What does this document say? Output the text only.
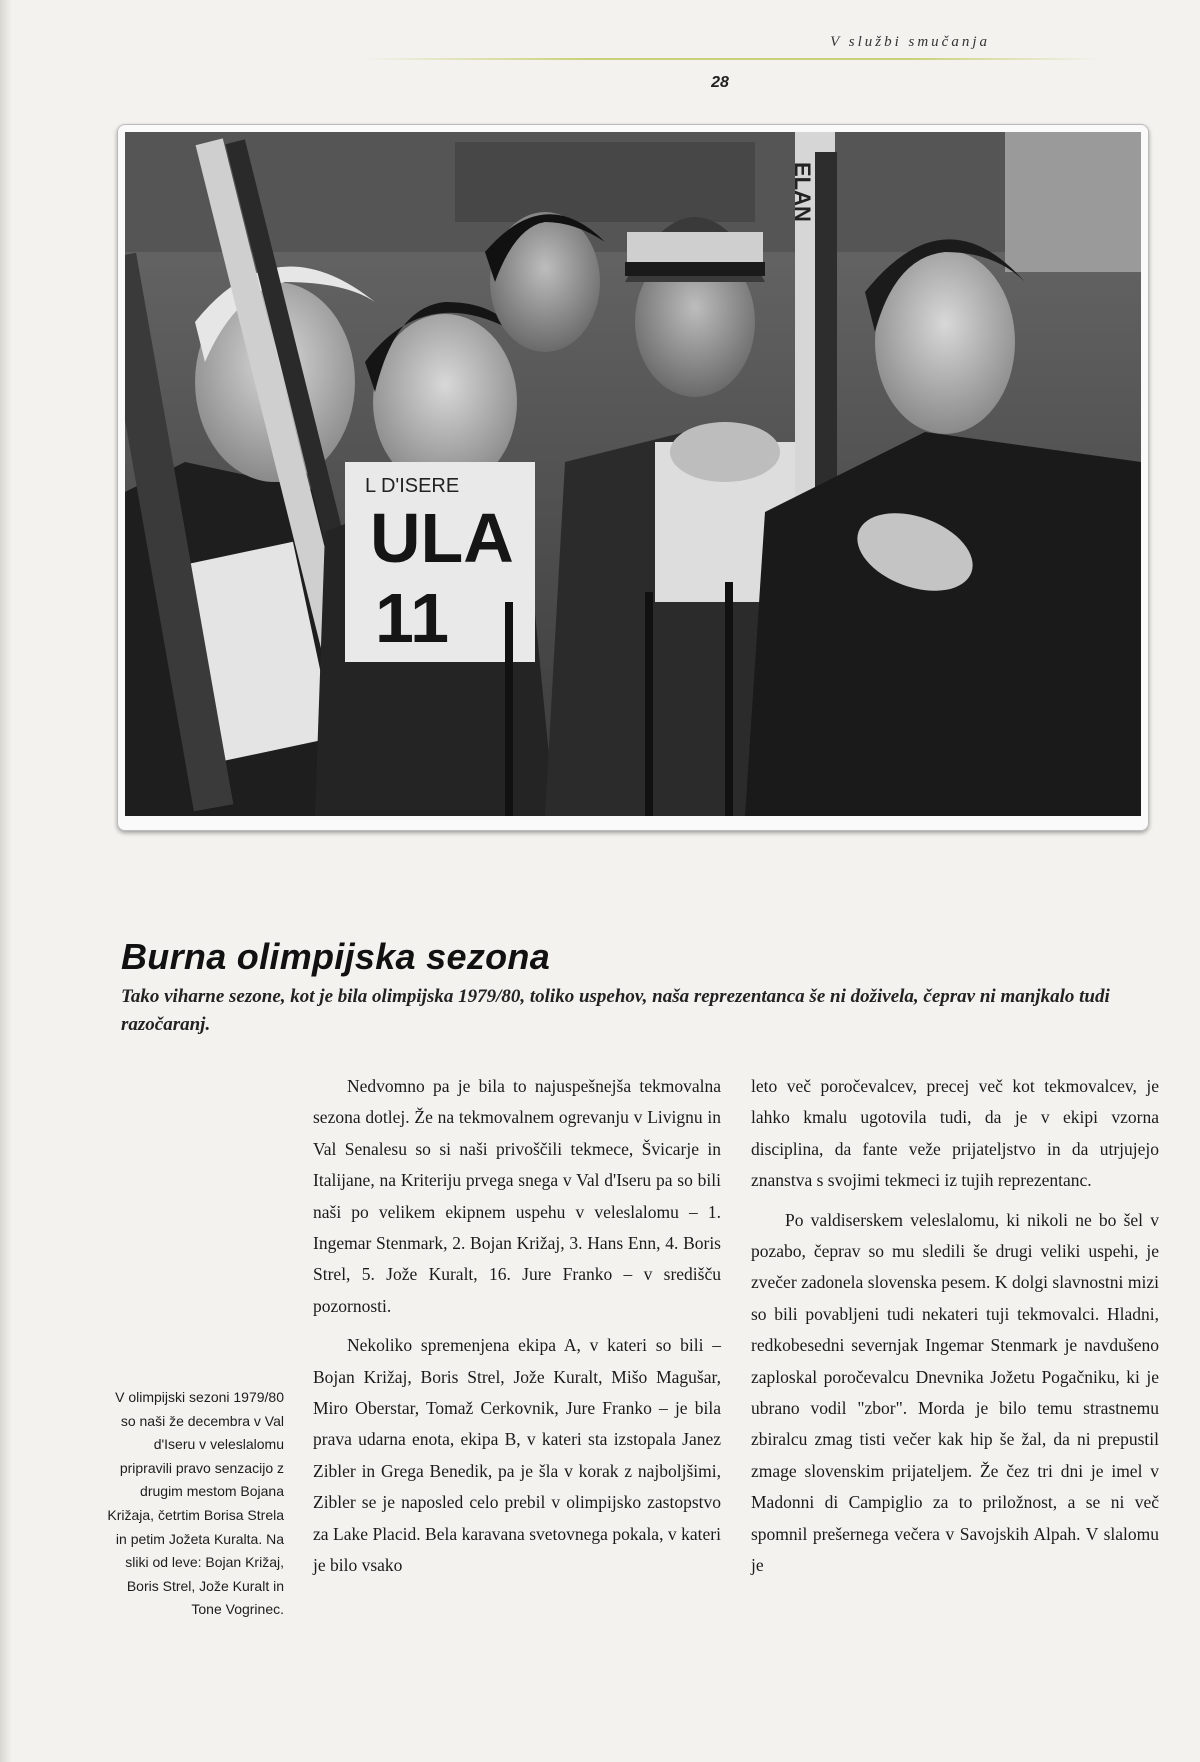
V službi smučanja
28
L D'ISERE
ULA
11
ELAN
Burna olimpijska sezona
Tako viharne sezone, kot je bila olimpijska 1979/80, toliko uspehov, naša reprezentanca še ni doživela, čeprav ni manjkalo tudi razočaranj.
V olimpijski sezoni 1979/80 so naši že decembra v Val d'Iseru v veleslalomu pripravili pravo senzacijo z drugim mestom Bojana Križaja, četrtim Borisa Strela in petim Jožeta Kuralta. Na sliki od leve: Bojan Križaj, Boris Strel, Jože Kuralt in Tone Vogrinec.

Nedvomno pa je bila to najuspešnejša tekmovalna sezona dotlej. Že na tekmovalnem ogrevanju v Livignu in Val Senalesu so si naši privoščili tekmece, Švicarje in Italijane, na Kriteriju prvega snega v Val d'Iseru pa so bili naši po velikem ekipnem uspehu v veleslalomu – 1. Ingemar Stenmark, 2. Bojan Križaj, 3. Hans Enn, 4. Boris Strel, 5. Jože Kuralt, 16. Jure Franko – v središču pozornosti.

Nekoliko spremenjena ekipa A, v kateri so bili – Bojan Križaj, Boris Strel, Jože Kuralt, Mišo Magušar, Miro Oberstar, Tomaž Cerkovnik, Jure Franko – je bila prava udarna enota, ekipa B, v kateri sta izstopala Janez Zibler in Grega Benedik, pa je šla v korak z najboljšimi, Zibler se je naposled celo prebil v olimpijsko zastopstvo za Lake Placid. Bela karavana svetovnega pokala, v kateri je bilo vsako

leto več poročevalcev, precej več kot tekmovalcev, je lahko kmalu ugotovila tudi, da je v ekipi vzorna disciplina, da fante veže prijateljstvo in da utrjujejo znanstva s svojimi tekmeci iz tujih reprezentanc.

Po valdiserskem veleslalomu, ki nikoli ne bo šel v pozabo, čeprav so mu sledili še drugi veliki uspehi, je zvečer zadonela slovenska pesem. K dolgi slavnostni mizi so bili povabljeni tudi nekateri tuji tekmovalci. Hladni, redkobesedni severnjak Ingemar Stenmark je navdušeno zaploskal poročevalcu Dnevnika Jožetu Pogačniku, ki je ubrano vodil "zbor". Morda je bilo temu strastnemu zbiralcu zmag tisti večer kak hip še žal, da ni prepustil zmage slovenskim prijateljem. Že čez tri dni je imel v Madonni di Campiglio za to priložnost, a se ni več spomnil prešernega večera v Savojskih Alpah. V slalomu je
